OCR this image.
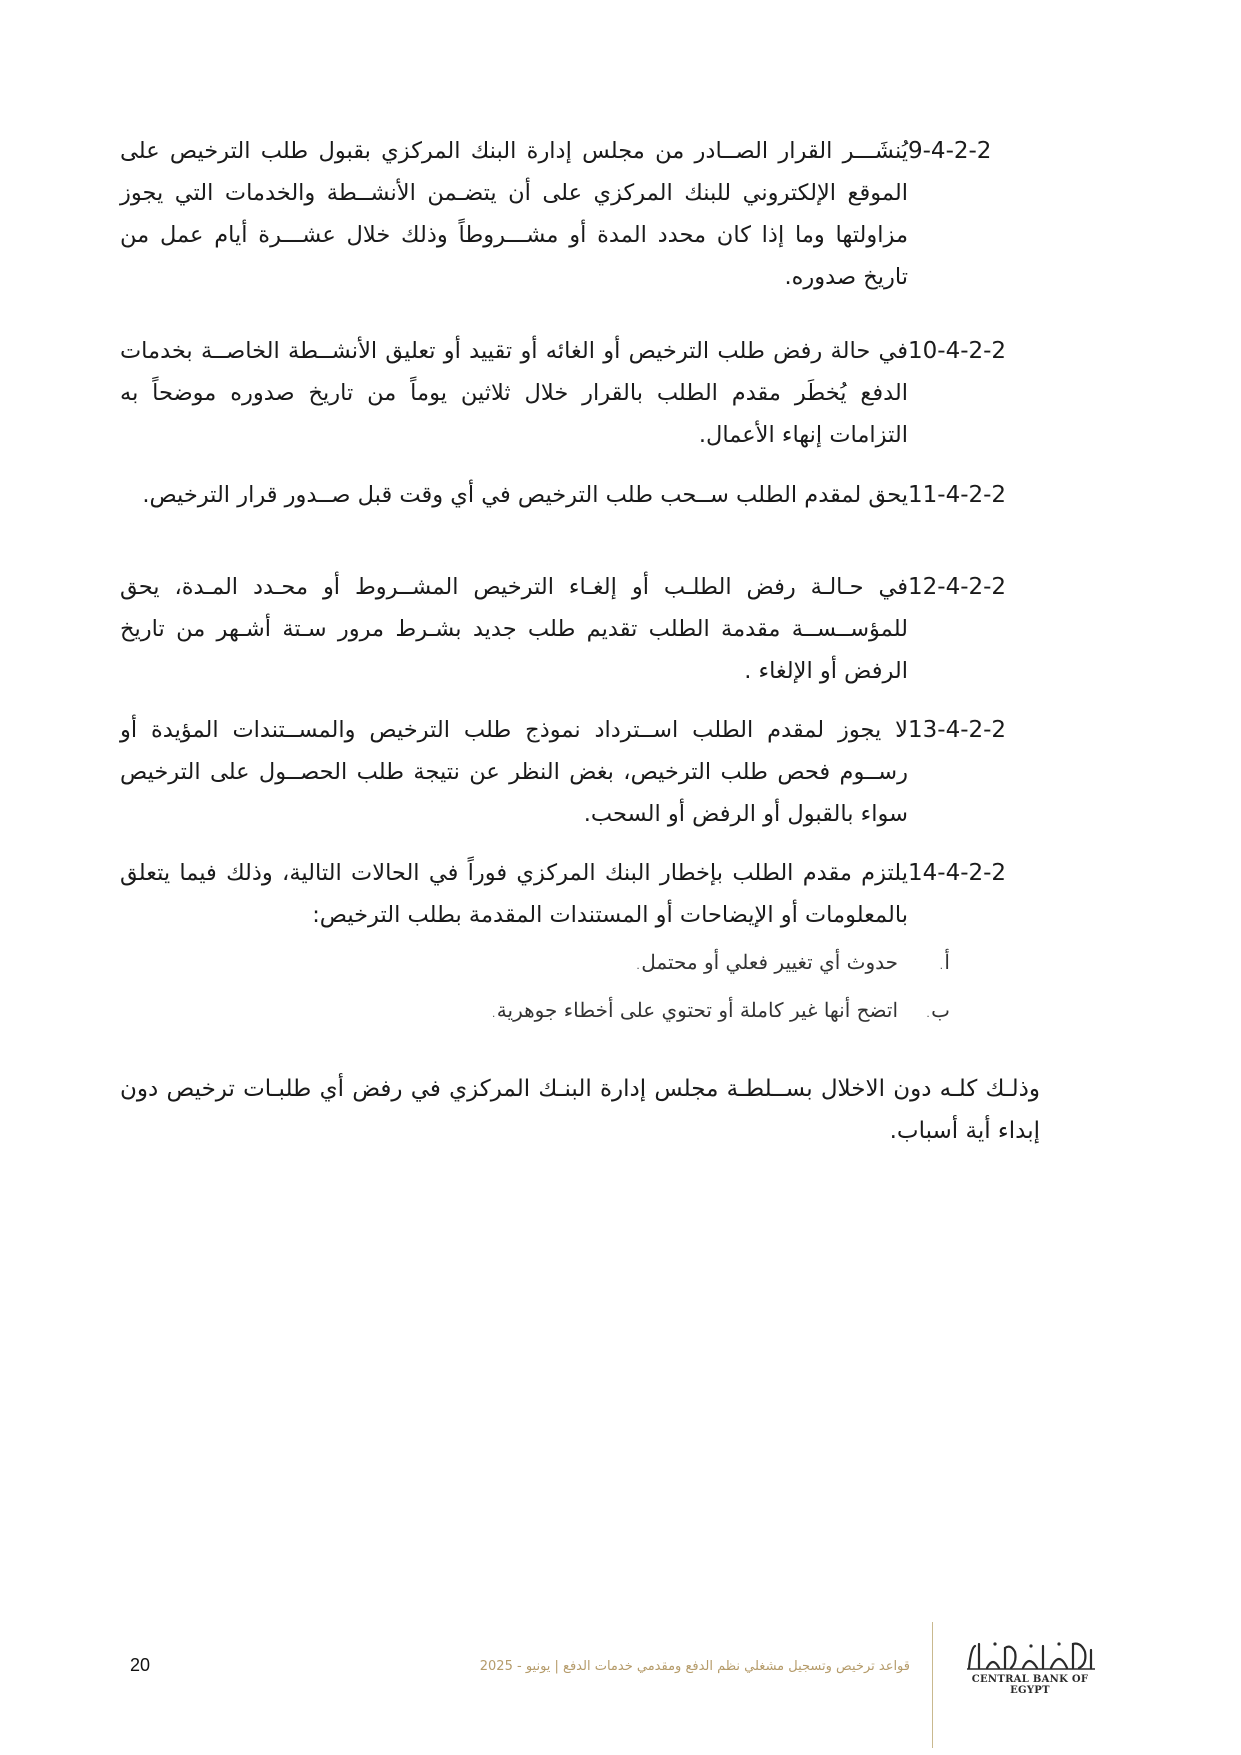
9-4-2-2
يُنشَـــر القرار الصــادر من مجلس إدارة البنك المركزي بقبول طلب الترخيص على الموقع الإلكتروني للبنك المركزي على أن يتضـمن الأنشــطة والخدمات التي يجوز مزاولتها وما إذا كان محدد المدة أو مشـــروطاً وذلك خلال عشـــرة أيام عمل من تاريخ صدوره.
10-4-2-2
في حالة رفض طلب الترخيص أو الغائه أو تقييد أو تعليق الأنشــطة الخاصــة بخدمات الدفع يُخطَر مقدم الطلب بالقرار خلال ثلاثين يوماً من تاريخ صدوره موضحاً به التزامات إنهاء الأعمال.
11-4-2-2
يحق لمقدم الطلب ســحب طلب الترخيص في أي وقت قبل صــدور قرار الترخيص.
12-4-2-2
في حـالـة رفض الطلـب أو إلغـاء الترخيص المشــروط أو محـدد المـدة، يحق للمؤســســة مقدمة الطلب تقديم طلب جديد بشـرط مرور سـتة أشـهر من تاريخ الرفض أو الإلغاء .
13-4-2-2
لا يجوز لمقدم الطلب اســترداد نموذج طلب الترخيص والمســتندات المؤيدة أو رســوم فحص طلب الترخيص، بغض النظر عن نتيجة طلب الحصــول على الترخيص سواء بالقبول أو الرفض أو السحب.
14-4-2-2
يلتزم مقدم الطلب بإخطار البنك المركزي فوراً في الحالات التالية، وذلك فيما يتعلق بالمعلومات أو الإيضاحات أو المستندات المقدمة بطلب الترخيص:
أ.حدوث أي تغيير فعلي أو محتمل.
ب.اتضح أنها غير كاملة أو تحتوي على أخطاء جوهرية.
وذلـك كلـه دون الاخلال بســلطـة مجلس إدارة البنـك المركزي في رفض أي طلبـات ترخيص دون إبداء أية أسباب.
20	قواعد ترخيص وتسجيل مشغلي نظم الدفع ومقدمي خدمات الدفع | يونيو - 2025
CENTRAL BANK OF EGYPT
